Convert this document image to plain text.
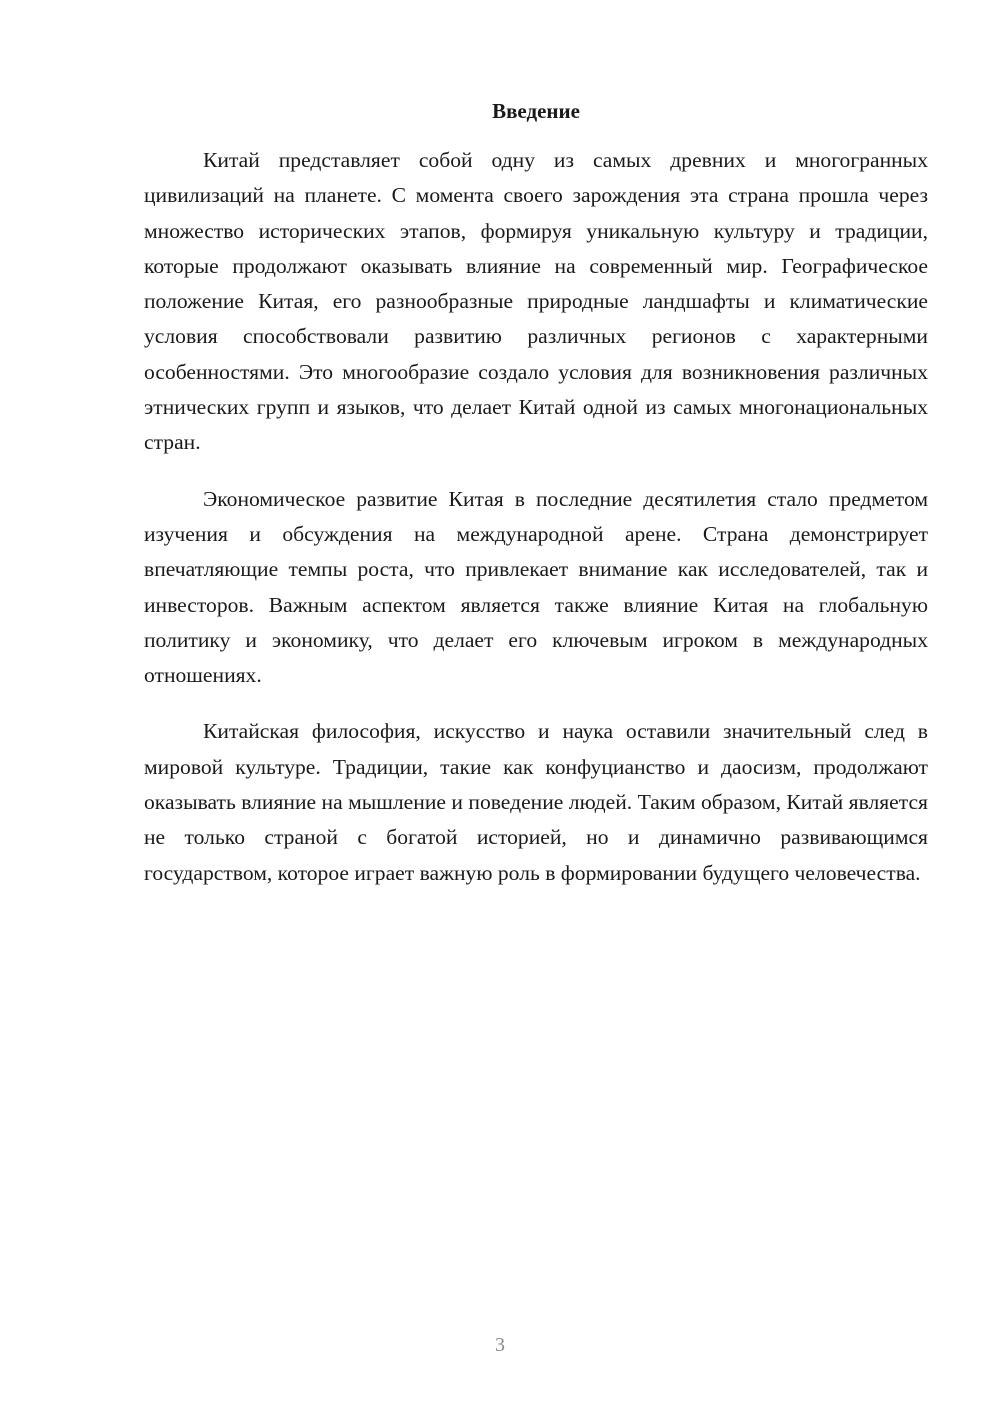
Введение

Китай представляет собой одну из самых древних и многогранных цивилизаций на планете. С момента своего зарождения эта страна прошла через множество исторических этапов, формируя уникальную культуру и традиции, которые продолжают оказывать влияние на современный мир. Географическое положение Китая, его разнообразные природные ландшафты и климатические условия способствовали развитию различных регионов с характерными особенностями. Это многообразие создало условия для возникновения различных этнических групп и языков, что делает Китай одной из самых многонациональных стран.

Экономическое развитие Китая в последние десятилетия стало предметом изучения и обсуждения на международной арене. Страна демонстрирует впечатляющие темпы роста, что привлекает внимание как исследователей, так и инвесторов. Важным аспектом является также влияние Китая на глобальную политику и экономику, что делает его ключевым игроком в международных отношениях.

Китайская философия, искусство и наука оставили значительный след в мировой культуре. Традиции, такие как конфуцианство и даосизм, продолжают оказывать влияние на мышление и поведение людей. Таким образом, Китай является не только страной с богатой историей, но и динамично развивающимся государством, которое играет важную роль в формировании будущего человечества.

3
